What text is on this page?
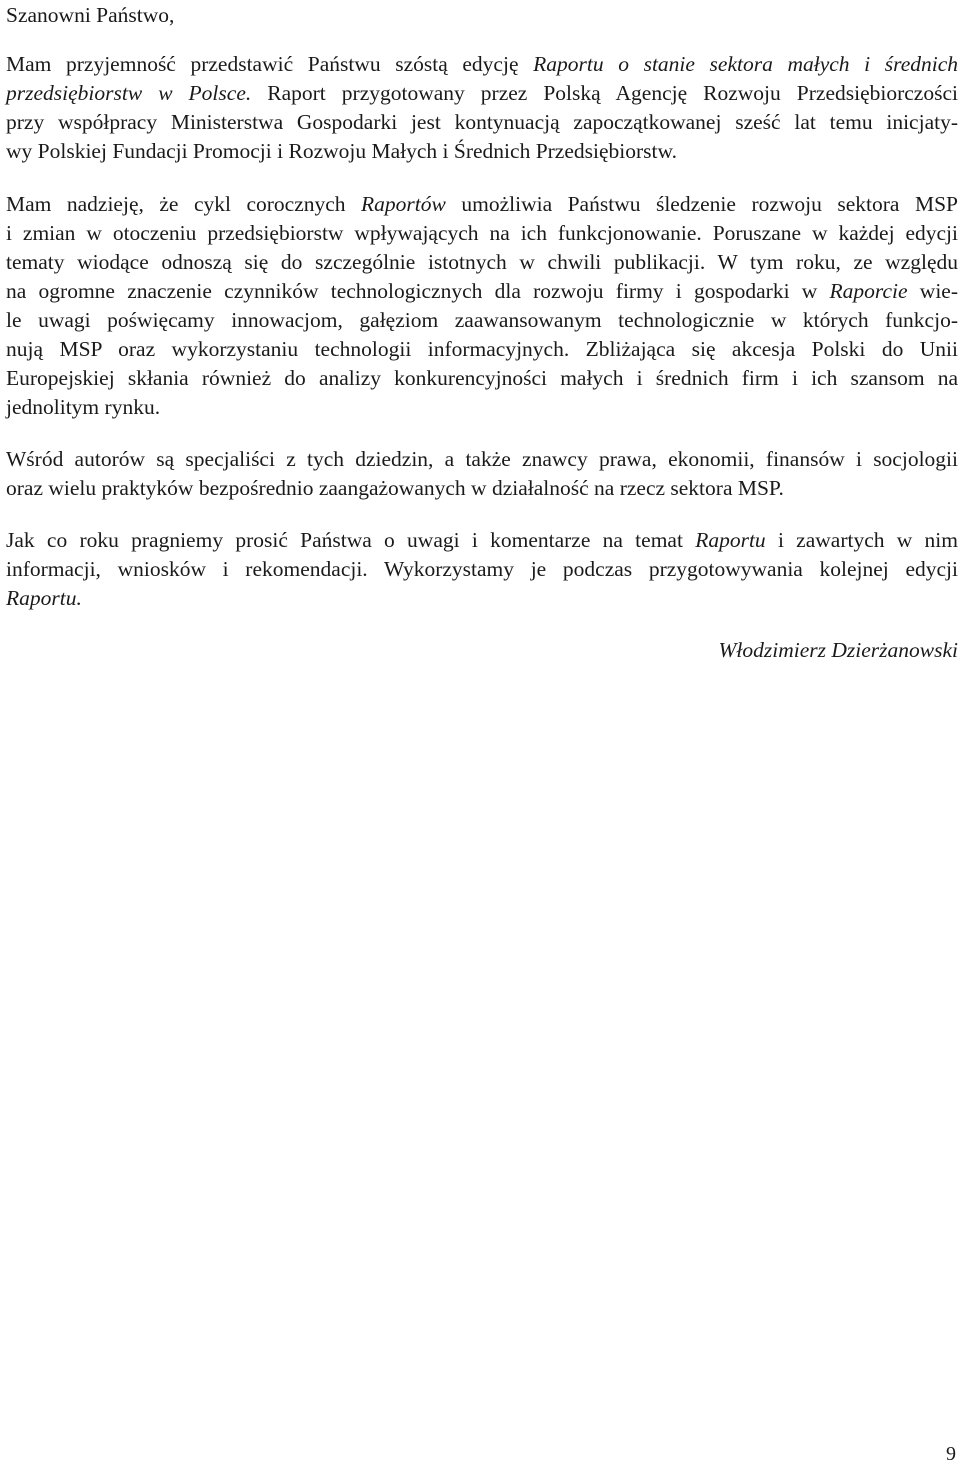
Szanowni Państwo,

Mam przyjemność przedstawić Państwu szóstą edycję Raportu o stanie sektora małych i średnich
przedsiębiorstw w Polsce. Raport przygotowany przez Polską Agencję Rozwoju Przedsiębiorczości
przy współpracy Ministerstwa Gospodarki jest kontynuacją zapoczątkowanej sześć lat temu inicjaty-
wy Polskiej Fundacji Promocji i Rozwoju Małych i Średnich Przedsiębiorstw.

Mam nadzieję, że cykl corocznych Raportów umożliwia Państwu śledzenie rozwoju sektora MSP
i zmian w otoczeniu przedsiębiorstw wpływających na ich funkcjonowanie. Poruszane w każdej edycji
tematy wiodące odnoszą się do szczególnie istotnych w chwili publikacji. W tym roku, ze względu
na ogromne znaczenie czynników technologicznych dla rozwoju firmy i gospodarki w Raporcie wie-
le uwagi poświęcamy innowacjom, gałęziom zaawansowanym technologicznie w których funkcjo-
nują MSP oraz wykorzystaniu technologii informacyjnych. Zbliżająca się akcesja Polski do Unii
Europejskiej skłania również do analizy konkurencyjności małych i średnich firm i ich szansom na
jednolitym rynku.

Wśród autorów są specjaliści z tych dziedzin, a także znawcy prawa, ekonomii, finansów i socjologii
oraz wielu praktyków bezpośrednio zaangażowanych w działalność na rzecz sektora MSP.

Jak co roku pragniemy prosić Państwa o uwagi i komentarze na temat Raportu i zawartych w nim
informacji, wniosków i rekomendacji. Wykorzystamy je podczas przygotowywania kolejnej edycji
Raportu.

Włodzimierz Dzierżanowski

9
